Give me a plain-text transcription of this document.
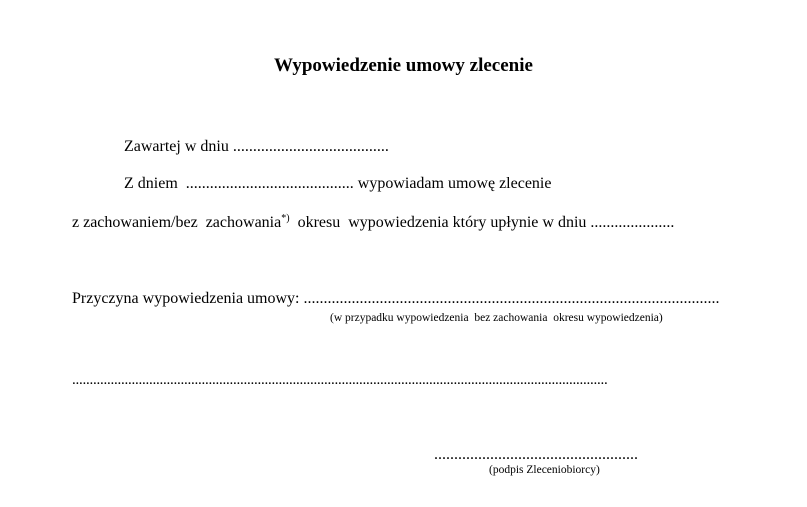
Wypowiedzenie umowy zlecenie
Zawartej w dniu .......................................
Z dniem .......................................... wypowiadam umowę zlecenie
z zachowaniem/bez  zachowania*) okresu  wypowiedzenia który upłynie w dniu .....................
Przyczyna wypowiedzenia umowy: ........................................................................................................
(w przypadku wypowiedzenia  bez zachowania  okresu wypowiedzenia)
.........................................................................................................................................................
...................................................
(podpis Zleceniobiorcy)
